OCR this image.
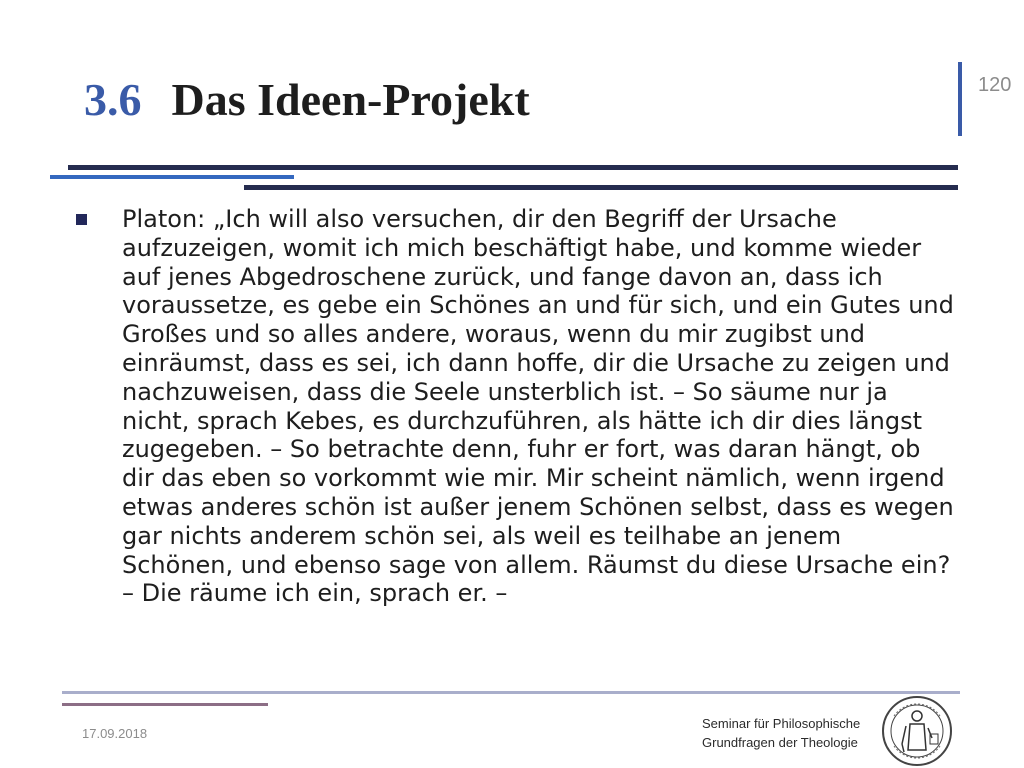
3.6 Das Ideen-Projekt	120

Platon: „Ich will also versuchen, dir den Begriff der Ursache aufzuzeigen, womit ich mich beschäftigt habe, und komme wieder auf jenes Abgedroschene zurück, und fange davon an, dass ich voraussetze, es gebe ein Schönes an und für sich, und ein Gutes und Großes und so alles andere, woraus, wenn du mir zugibst und einräumst, dass es sei, ich dann hoffe, dir die Ursache zu zeigen und nachzuweisen, dass die Seele unsterblich ist. – So säume nur ja nicht, sprach Kebes, es durchzuführen, als hätte ich dir dies längst zugegeben. – So betrachte denn, fuhr er fort, was daran hängt, ob dir das eben so vorkommt wie mir. Mir scheint nämlich, wenn irgend etwas anderes schön ist außer jenem Schönen selbst, dass es wegen gar nichts anderem schön sei, als weil es teilhabe an jenem Schönen, und ebenso sage von allem. Räumst du diese Ursache ein? – Die räume ich ein, sprach er. –

17.09.2018
Seminar für Philosophische
Grundfragen der Theologie
